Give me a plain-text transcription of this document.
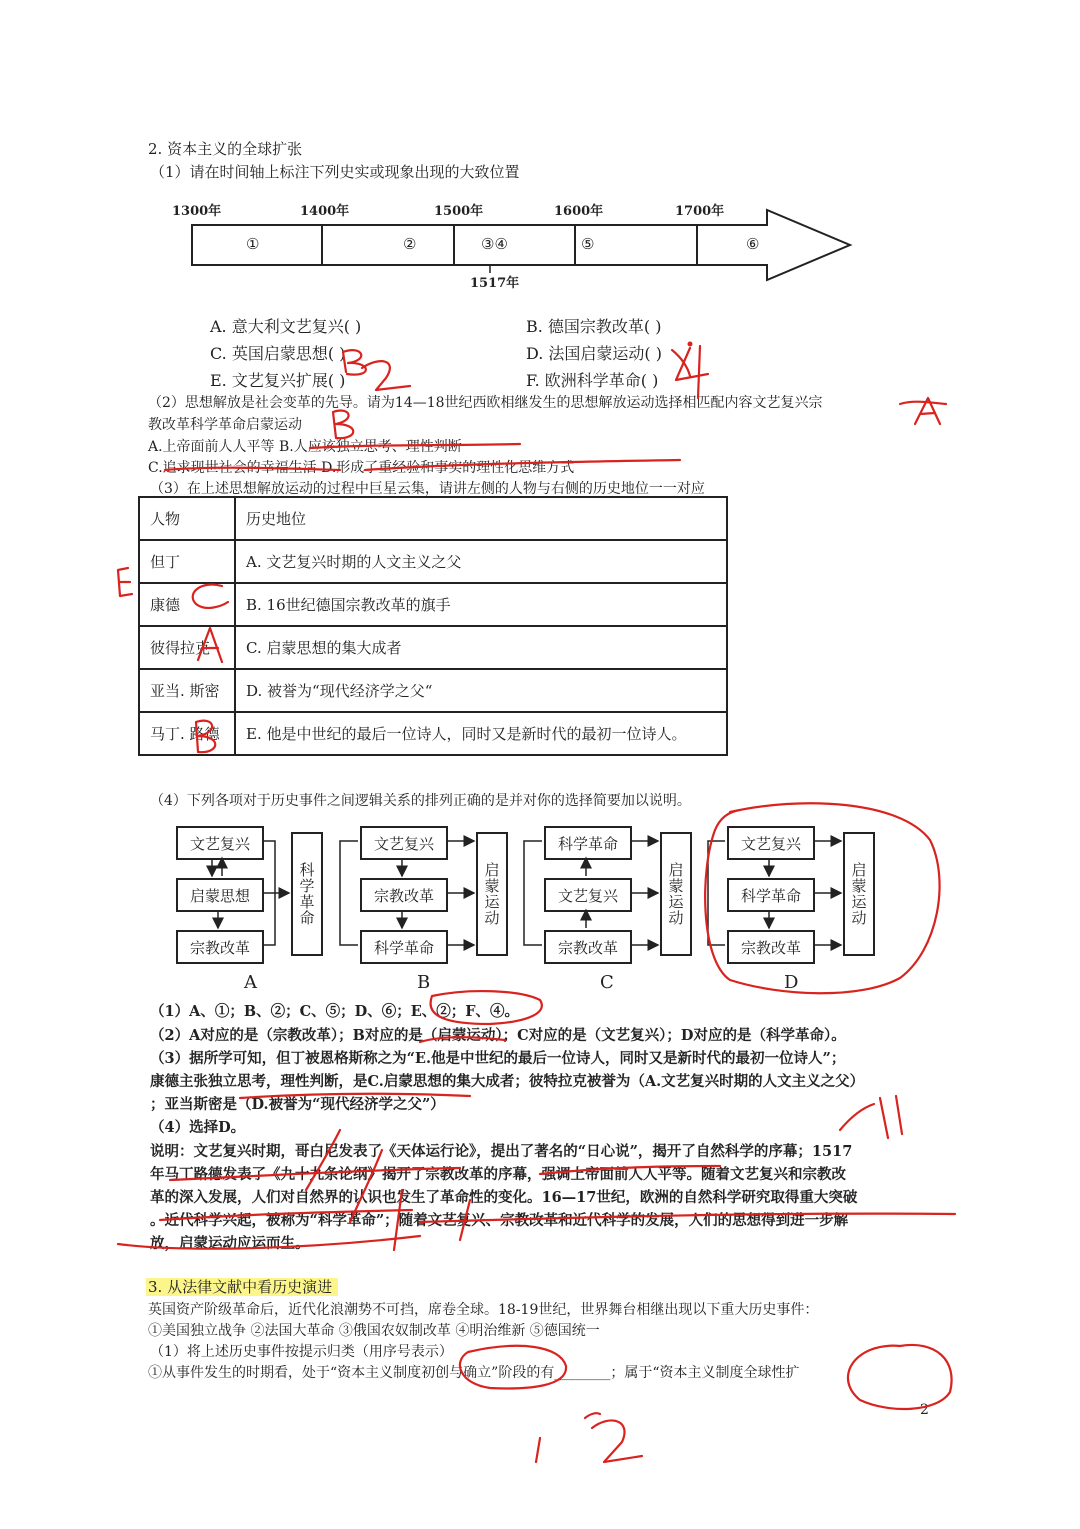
2. 资本主义的全球扩张
（1）请在时间轴上标注下列史实或现象出现的大致位置
1300年	1400年	1500年	1600年	1700年
①	②	③④	⑤	⑥
1517年
A. 意大利文艺复兴( )	B. 德国宗教改革( )
C. 英国启蒙思想( )	D. 法国启蒙运动( )
E. 文艺复兴扩展( )	F. 欧洲科学革命( )
（2）思想解放是社会变革的先导。请为14—18世纪西欧相继发生的思想解放运动选择相匹配内容文艺复兴宗
教改革科学革命启蒙运动
A.上帝面前人人平等 B.人应该独立思考、理性判断
C.追求现世社会的幸福生活 D.形成了重经验和事实的理性化思维方式
（3）在上述思想解放运动的过程中巨星云集，请讲左侧的人物与右侧的历史地位一一对应
人物	历史地位
但丁	A. 文艺复兴时期的人文主义之父
康德	B. 16世纪德国宗教改革的旗手
彼得拉克	C. 启蒙思想的集大成者
亚当. 斯密	D. 被誉为“现代经济学之父“
马丁. 路德	E. 他是中世纪的最后一位诗人，同时又是新时代的最初一位诗人。
（4）下列各项对于历史事件之间逻辑关系的排列正确的是并对你的选择简要加以说明。
文艺复兴
启蒙思想
宗教改革
科学革命
A
文艺复兴
宗教改革
科学革命
启蒙运动
B
科学革命
文艺复兴
宗教改革
启蒙运动
C
文艺复兴
科学革命
宗教改革
启蒙运动
D
（1）A、①；B、②；C、⑤；D、⑥；E、②；F、④。
（2）A对应的是（宗教改革）；B对应的是（启蒙运动）；C对应的是（文艺复兴）；D对应的是（科学革命）。
（3）据所学可知，但丁被恩格斯称之为“E.他是中世纪的最后一位诗人，同时又是新时代的最初一位诗人”；
康德主张独立思考，理性判断，是C.启蒙思想的集大成者；彼特拉克被誉为（A.文艺复兴时期的人文主义之父）
；亚当斯密是（D.被誉为“现代经济学之父”）
（4）选择D。
说明：文艺复兴时期，哥白尼发表了《天体运行论》，提出了著名的“日心说”，揭开了自然科学的序幕；1517
年马丁路德发表了《九十九条论纲》揭开了宗教改革的序幕，强调上帝面前人人平等。随着文艺复兴和宗教改
革的深入发展，人们对自然界的认识也发生了革命性的变化。16—17世纪，欧洲的自然科学研究取得重大突破
。近代科学兴起，被称为“科学革命”；随着文艺复兴、宗教改革和近代科学的发展，人们的思想得到进一步解
放，启蒙运动应运而生。
3. 从法律文献中看历史演进
英国资产阶级革命后，近代化浪潮势不可挡，席卷全球。18-19世纪，世界舞台相继出现以下重大历史事件：
①美国独立战争 ②法国大革命 ③俄国农奴制改革 ④明治维新 ⑤德国统一
（1）将上述历史事件按提示归类（用序号表示）
①从事件发生的时期看，处于“资本主义制度初创与确立”阶段的有________；属于“资本主义制度全球性扩
2
